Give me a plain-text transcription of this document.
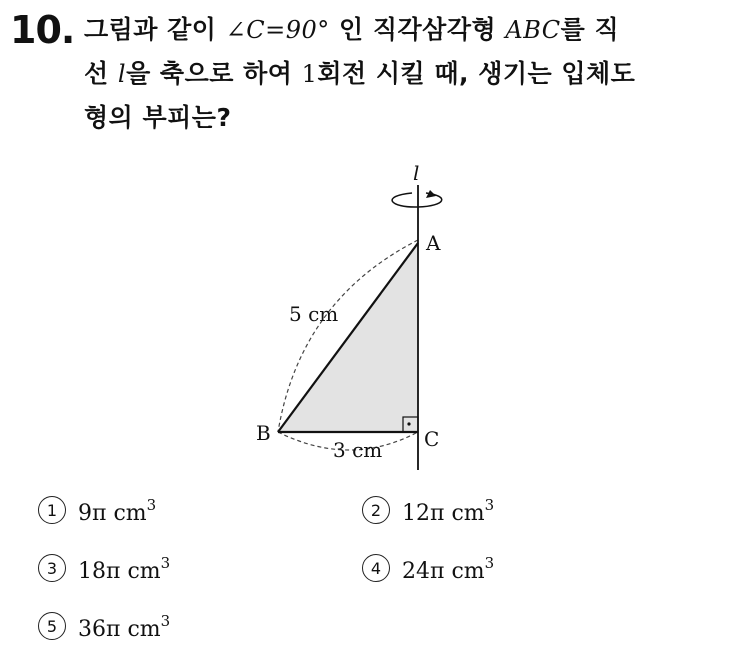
10. 그림과 같이 ∠C=90° 인 직각삼각형 ABC를 직
선 l을 축으로 하여 1회전 시킬 때, 생기는 입체도
형의 부피는?
l
A
B	C
5 cm
3 cm
1 9π $cm^3$	2 12π $cm^3$
3 18π $cm^3$	4 24π $cm^3$
5 36π $cm^3$
